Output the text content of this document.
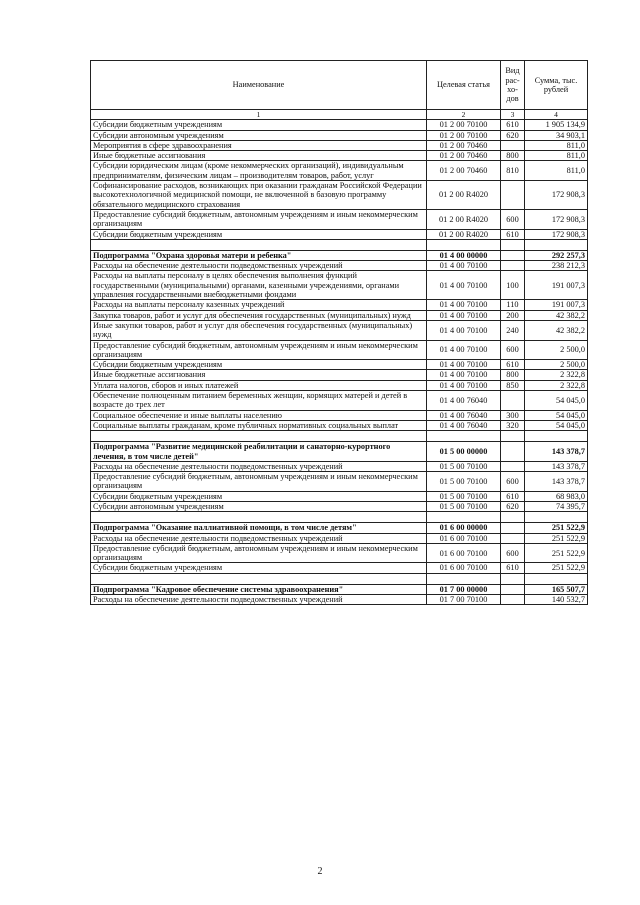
Наименование	Целевая статья	Вид
рас-
хо-
дов	Сумма, тыс. рублей
1	2	3	4
Субсидии бюджетным учреждениям	01 2 00 70100	610	1 905 134,9
Субсидии автономным учреждениям	01 2 00 70100	620	34 903,1
Мероприятия в сфере здравоохранения	01 2 00 70460		811,0
Иные бюджетные ассигнования	01 2 00 70460	800	811,0
Субсидии юридическим лицам (кроме некоммерческих организаций), индивидуальным предпринимателям, физическим лицам – производителям товаров, работ, услуг	01 2 00 70460	810	811,0
Софинансирование расходов, возникающих при оказании гражданам Российской Федерации высокотехнологичной медицинской помощи, не включенной в базовую программу обязательного медицинского страхования	01 2 00 R4020		172 908,3
Предоставление субсидий бюджетным, автономным учреждениям и иным некоммерческим организациям	01 2 00 R4020	600	172 908,3
Субсидии бюджетным учреждениям	01 2 00 R4020	610	172 908,3

Подпрограмма "Охрана здоровья матери и ребенка"	01 4 00 00000		292 257,3
Расходы на обеспечение деятельности подведомственных учреждений	01 4 00 70100		238 212,3
Расходы на выплаты персоналу в целях обеспечения выполнения функций государственными (муниципальными) органами, казенными учреждениями, органами управления государственными внебюджетными фондами	01 4 00 70100	100	191 007,3
Расходы на выплаты персоналу казенных учреждений	01 4 00 70100	110	191 007,3
Закупка товаров, работ и услуг для обеспечения государственных (муниципальных) нужд	01 4 00 70100	200	42 382,2
Иные закупки товаров, работ и услуг для обеспечения государственных (муниципальных) нужд	01 4 00 70100	240	42 382,2
Предоставление субсидий бюджетным, автономным учреждениям и иным некоммерческим организациям	01 4 00 70100	600	2 500,0
Субсидии бюджетным учреждениям	01 4 00 70100	610	2 500,0
Иные бюджетные ассигнования	01 4 00 70100	800	2 322,8
Уплата налогов, сборов и иных платежей	01 4 00 70100	850	2 322,8
Обеспечение полноценным питанием беременных женщин, кормящих матерей и детей в возрасте до трех лет	01 4 00 76040		54 045,0
Социальное обеспечение и иные выплаты населению	01 4 00 76040	300	54 045,0
Социальные выплаты гражданам, кроме публичных нормативных социальных выплат	01 4 00 76040	320	54 045,0

Подпрограмма "Развитие медицинской реабилитации и санаторно-курортного лечения, в том числе детей"	01 5 00 00000		143 378,7
Расходы на обеспечение деятельности подведомственных учреждений	01 5 00 70100		143 378,7
Предоставление субсидий бюджетным, автономным учреждениям и иным некоммерческим организациям	01 5 00 70100	600	143 378,7
Субсидии бюджетным учреждениям	01 5 00 70100	610	68 983,0
Субсидии автономным учреждениям	01 5 00 70100	620	74 395,7

Подпрограмма "Оказание паллиативной помощи, в том числе детям"	01 6 00 00000		251 522,9
Расходы на обеспечение деятельности подведомственных учреждений	01 6 00 70100		251 522,9
Предоставление субсидий бюджетным, автономным учреждениям и иным некоммерческим организациям	01 6 00 70100	600	251 522,9
Субсидии бюджетным учреждениям	01 6 00 70100	610	251 522,9

Подпрограмма "Кадровое обеспечение системы здравоохранения"	01 7 00 00000		165 507,7
Расходы на обеспечение деятельности подведомственных учреждений	01 7 00 70100		140 532,7
2
